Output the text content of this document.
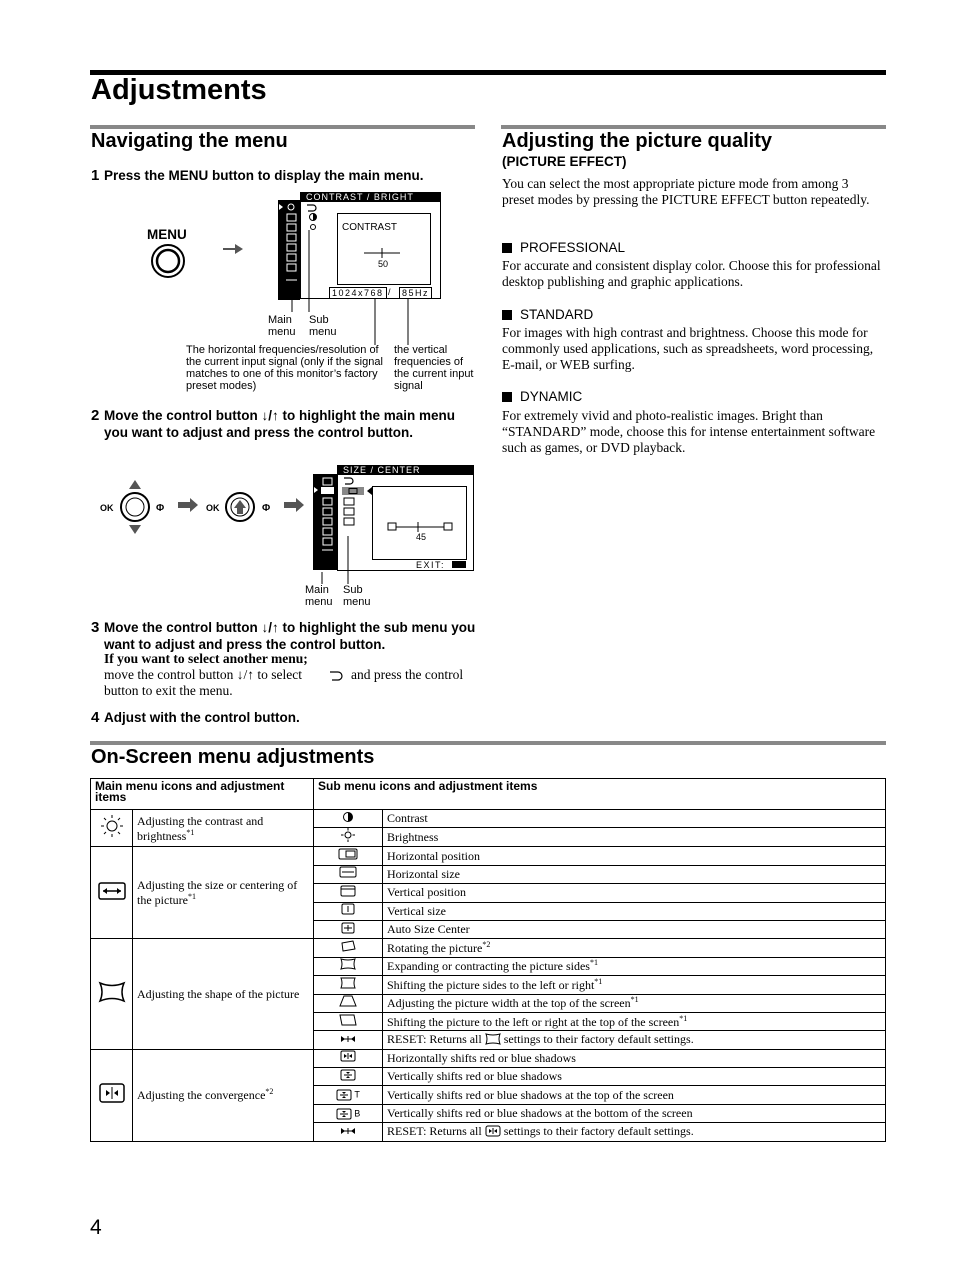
Adjustments
Navigating the menu
1 Press the MENU button to display the main menu.
MENU
CONTRAST / BRIGHT
CONTRAST
50
1024x768 /	85Hz
Main
menu
Sub
menu
The horizontal frequencies/resolution of the current input signal (only if the signal matches to one of this monitor’s factory preset modes)
the vertical frequencies of the current input signal
2 Move the control button ↓/↑ to highlight the main menu you want to adjust and press the control button.
OK	Φ	OK	Φ
SIZE / CENTER
45
EXIT:
Main
menu
Sub
menu
3 Move the control button ↓/↑ to highlight the sub menu you want to adjust and press the control button.
If you want to select another menu;
move the control button ↓/↑ to select	and press the control button to exit the menu.
4 Adjust with the control button.
Adjusting the picture quality
(PICTURE EFFECT)
You can select the most appropriate picture mode from among 3 preset modes by pressing the PICTURE EFFECT button repeatedly.
PROFESSIONAL
For accurate and consistent display color. Choose this for professional desktop publishing and graphic applications.
STANDARD
For images with high contrast and brightness. Choose this mode for commonly used applications, such as spreadsheets, word processing, E-mail, or WEB surfing.
DYNAMIC
For extremely vivid and photo-realistic images. Bright than “STANDARD” mode, choose this for intense entertainment software such as games, or DVD playback.
On-Screen menu adjustments
Main menu icons and adjustment items		Sub menu icons and adjustment items	
	Adjusting the contrast and brightness$^{*1}$		Contrast
	Brightness
	Adjusting the size or centering of the picture$^{*1}$		Horizontal position
	Horizontal size
	Vertical position
	Vertical size
	Auto Size Center
	Adjusting the shape of the picture		Rotating the picture$^{*2}$
	Expanding or contracting the picture sides$^{*1}$
	Shifting the picture sides to the left or right$^{*1}$
	Adjusting the picture width at the top of the screen$^{*1}$
	Shifting the picture to the left or right at the top of the screen$^{*1}$
	RESET: Returns all settings to their factory default settings.
	Adjusting the convergence$^{*2}$		Horizontally shifts red or blue shadows
	Vertically shifts red or blue shadows
		T	Vertically shifts red or blue shadows at the top of the screen
		B	Vertically shifts red or blue shadows at the bottom of the screen
	RESET: Returns all settings to their factory default settings.
4
